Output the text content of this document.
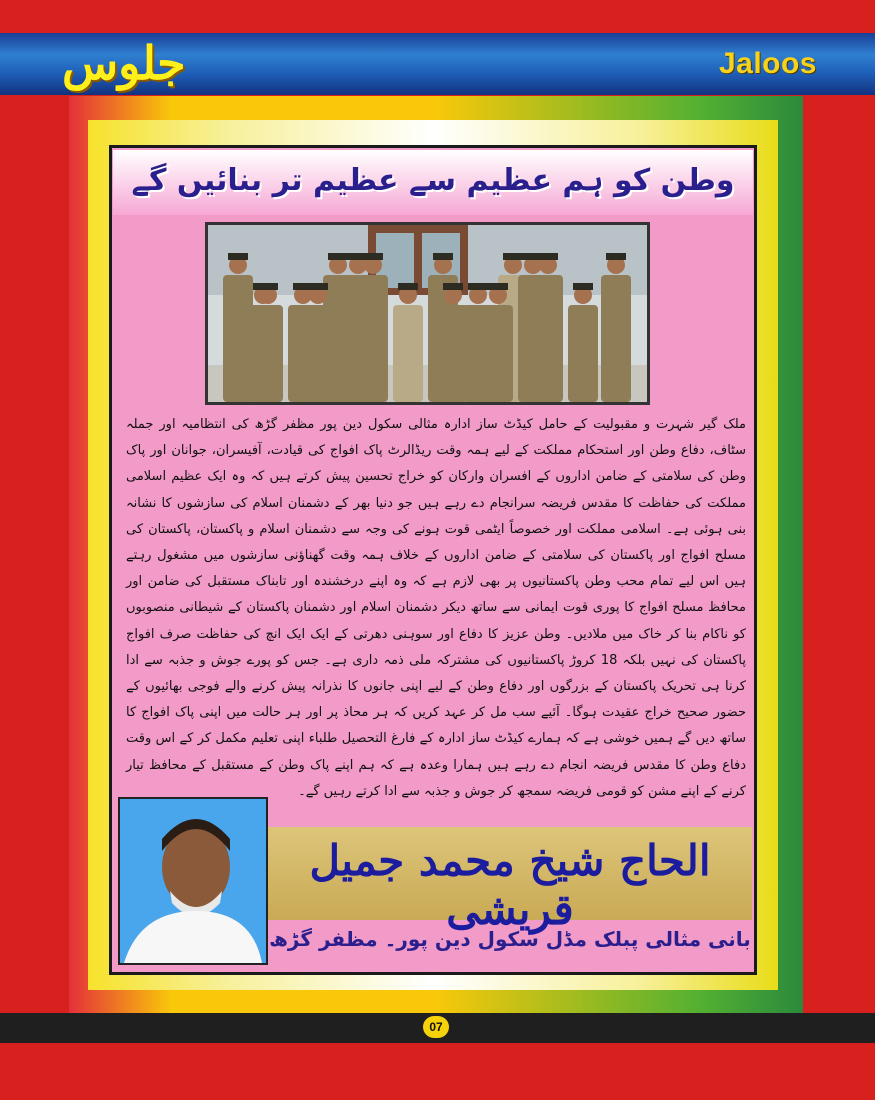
جلوس	Jaloos
وطن کو ہم عظیم سے عظیم تر بنائیں گے
ملک گیر شہرت و مقبولیت کے حامل کیڈٹ ساز ادارہ مثالی سکول دین پور مظفر گڑھ کی انتظامیہ اور جملہ سٹاف، دفاع وطن اور استحکام مملکت کے لیے ہمہ وقت ریڈالرٹ پاک افواج کی قیادت، آفیسران، جوانان اور پاک وطن کی سلامتی کے ضامن اداروں کے افسران وارکان کو خراج تحسین پیش کرتے ہیں کہ وہ ایک عظیم اسلامی مملکت کی حفاظت کا مقدس فریضہ سرانجام دے رہے ہیں جو دنیا بھر کے دشمنان اسلام کی سازشوں کا نشانہ بنی ہوئی ہے۔ اسلامی مملکت اور خصوصاً ایٹمی قوت ہونے کی وجہ سے دشمنان اسلام و پاکستان، پاکستان کی مسلح افواج اور پاکستان کی سلامتی کے ضامن اداروں کے خلاف ہمہ وقت گھناؤنی سازشوں میں مشغول رہتے ہیں اس لیے تمام محب وطن پاکستانیوں پر بھی لازم ہے کہ وہ اپنے درخشندہ اور تابناک مستقبل کی ضامن اور محافظ مسلح افواج کا پوری قوت ایمانی سے ساتھ دیکر دشمنان اسلام اور دشمنان پاکستان کے شیطانی منصوبوں کو ناکام بنا کر خاک میں ملادیں۔ وطن عزیز کا دفاع اور سوہنی دھرتی کے ایک ایک انچ کی حفاظت صرف افواج پاکستان کی نہیں بلکہ 18 کروڑ پاکستانیوں کی مشترکہ ملی ذمہ داری ہے۔ جس کو پورے جوش و جذبہ سے ادا کرنا ہی تحریک پاکستان کے بزرگوں اور دفاع وطن کے لیے اپنی جانوں کا نذرانہ پیش کرنے والے فوجی بھائیوں کے حضور صحیح خراج عقیدت ہوگا۔ آئیے سب مل کر عہد کریں کہ ہر محاذ پر اور ہر حالت میں اپنی پاک افواج کا ساتھ دیں گے ہمیں خوشی ہے کہ ہمارے کیڈٹ ساز ادارہ کے فارغ التحصیل طلباء اپنی تعلیم مکمل کر کے اس وقت دفاع وطن کا مقدس فریضہ انجام دے رہے ہیں ہمارا وعدہ ہے کہ ہم اپنے پاک وطن کے مستقبل کے محافظ تیار کرنے کے اپنے مشن کو قومی فریضہ سمجھ کر جوش و جذبہ سے ادا کرتے رہیں گے۔
الحاج شیخ محمد جمیل قریشی
بانی مثالی پبلک مڈل سکول دین پور۔ مظفر گڑھ
07
